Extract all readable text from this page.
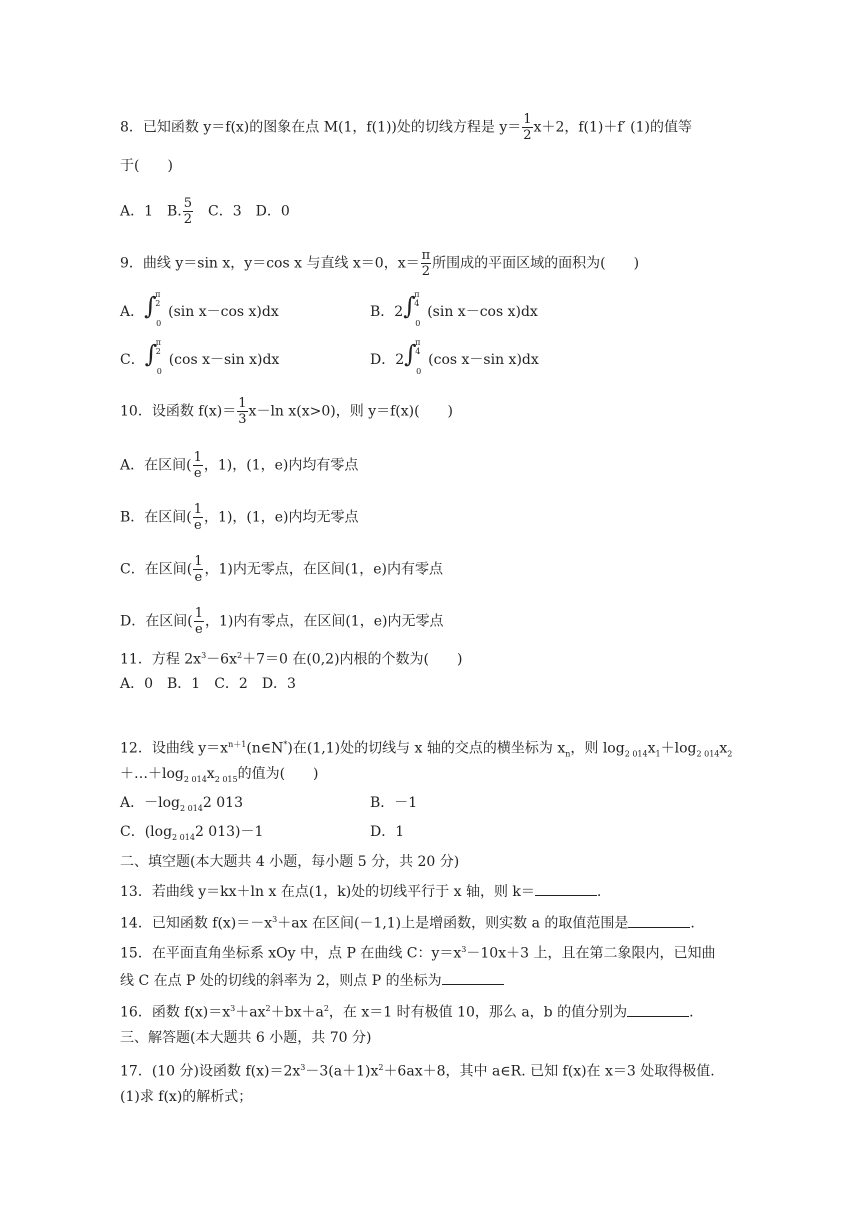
8．已知函数 y＝f(x)的图象在点 M(1，f(1))处的切线方程是 $y= \frac{1}{2} x+2$，f(1)＋f′ (1)的值等
于(　　)
A．1　B. $\frac{5}{2}$ 　C．3　D．0
9．曲线 y＝sin x，y＝cos x 与直线 x＝0，$x= \frac{\pi}{2}$ 所围成的平面区域的面积为(　　)
A． ∫
π
2
0
(sin x－cos x)dx	B．2 ∫
π
4
0
(sin x－cos x)dx
C． ∫
π
2
0
(cos x－sin x)dx	D．2 ∫
π
4
0
(cos x－sin x)dx
10．设函数 $f(x)= \frac{1}{3} x-\ln$ x(x>0)，则 y＝f(x)(　　)
A．在区间( $\frac{1}{e}$ ，1)，(1，e)内均有零点
B．在区间( $\frac{1}{e}$ ，1)，(1，e)内均无零点
C．在区间( $\frac{1}{e}$ ，1)内无零点，在区间(1，e)内有零点
D．在区间( $\frac{1}{e}$ ，1)内有零点，在区间(1，e)内无零点
11．方程 $2x^3-6x^2+7=0$ 在(0,2)内根的个数为(　　)
A．0　B．1　C．2　D．3
12．设曲线 $y=x^{n+1}(n\in N^*)$在(1,1)处的切线与 x 轴的交点的横坐标为 $x_n$，则 $\log_{2 014}x_1+\log_{2 014}x_2$
$+\dots+\log_{2 014}x_{2 015}$的值为(　　)
A．$-\log_{2 014}2$ 013	B．－1
C．($\log_{2 014}2$ 013)－1	D．1
二、填空题(本大题共 4 小题，每小题 5 分，共 20 分)
13．若曲线 y＝kx＋ln x 在点(1，k)处的切线平行于 x 轴，则 k＝	.
14．已知函数 $f(x)=-x^3+ax$ 在区间(－1,1)上是增函数，则实数 a 的取值范围是	.
15．在平面直角坐标系 xOy 中，点 P 在曲线 C：$y=x^3-10x+3$ 上，且在第二象限内，已知曲
线 C 在点 P 处的切线的斜率为 2，则点 P 的坐标为
16．函数 $f(x)=x^3+ax^2+bx+a^2$，在 x＝1 时有极值 10，那么 a，b 的值分别为	.
三、解答题(本大题共 6 小题，共 70 分)
17．(10 分)设函数 $f(x)=2x^3-3(a+1)x^2+6ax+8$，其中 a∈R. 已知 f(x)在 x＝3 处取得极值.
(1)求 f(x)的解析式；
